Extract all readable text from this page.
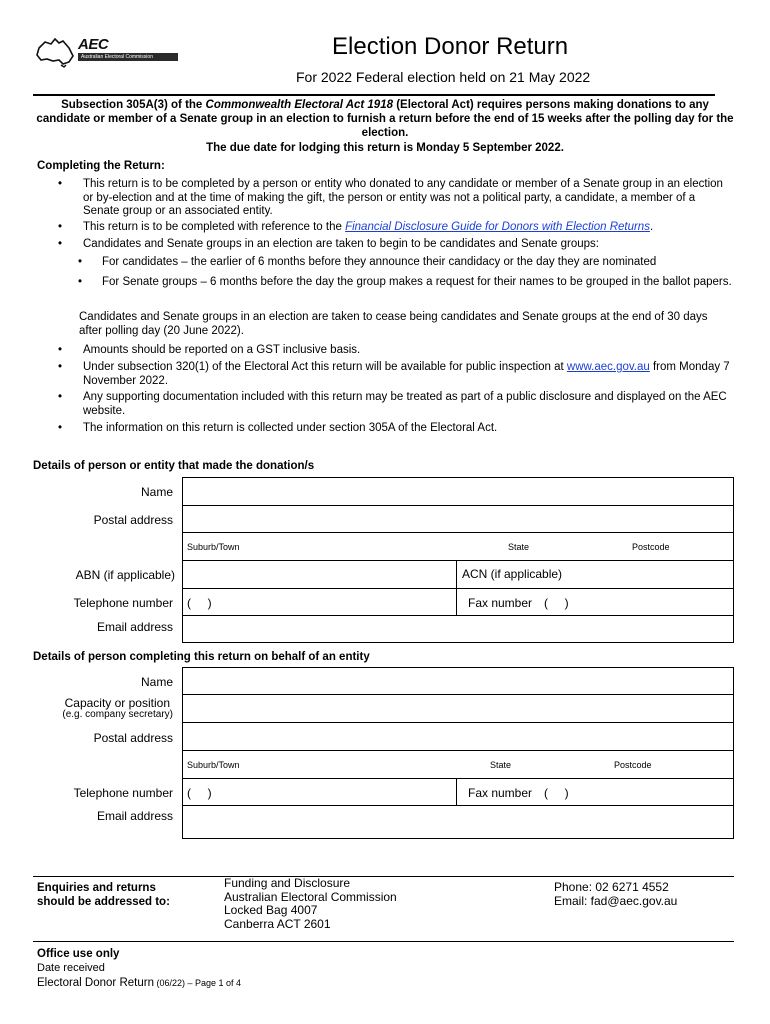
AEC
Australian Electoral Commission	Election Donor Return
For 2022 Federal election held on 21 May 2022
Subsection 305A(3) of the Commonwealth Electoral Act 1918 (Electoral Act) requires persons making donations to any candidate or member of a Senate group in an election to furnish a return before the end of 15 weeks after the polling day for the election.
The due date for lodging this return is Monday 5 September 2022.
Completing the Return:
• This return is to be completed by a person or entity who donated to any candidate or member of a Senate group in an election or by-election and at the time of making the gift, the person or entity was not a political party, a candidate, a member of a Senate group or an associated entity.
• This return is to be completed with reference to the Financial Disclosure Guide for Donors with Election Returns.
• Candidates and Senate groups in an election are taken to begin to be candidates and Senate groups:
• For candidates – the earlier of 6 months before they announce their candidacy or the day they are nominated
• For Senate groups – 6 months before the day the group makes a request for their names to be grouped in the ballot papers.
Candidates and Senate groups in an election are taken to cease being candidates and Senate groups at the end of 30 days after polling day (20 June 2022).
• Amounts should be reported on a GST inclusive basis.
• Under subsection 320(1) of the Electoral Act this return will be available for public inspection at www.aec.gov.au from Monday 7 November 2022.
• Any supporting documentation included with this return may be treated as part of a public disclosure and displayed on the AEC website.
• The information on this return is collected under section 305A of the Electoral Act.
Details of person or entity that made the donation/s
Name
Postal address
Suburb/Town	State	Postcode
ABN (if applicable)	ACN (if applicable)
Telephone number (     )	Fax number (     )
Email address
Details of person completing this return on behalf of an entity
Name
Capacity or position
(e.g. company secretary)
Postal address
Suburb/Town	State	Postcode
Telephone number (     )	Fax number (     )
Email address
Enquiries and returns
should be addressed to:
Funding and Disclosure
Australian Electoral Commission
Locked Bag 4007
Canberra ACT 2601
Phone: 02 6271 4552
Email: fad@aec.gov.au
Office use only
Date received
Electoral Donor Return (06/22) – Page 1 of 4
